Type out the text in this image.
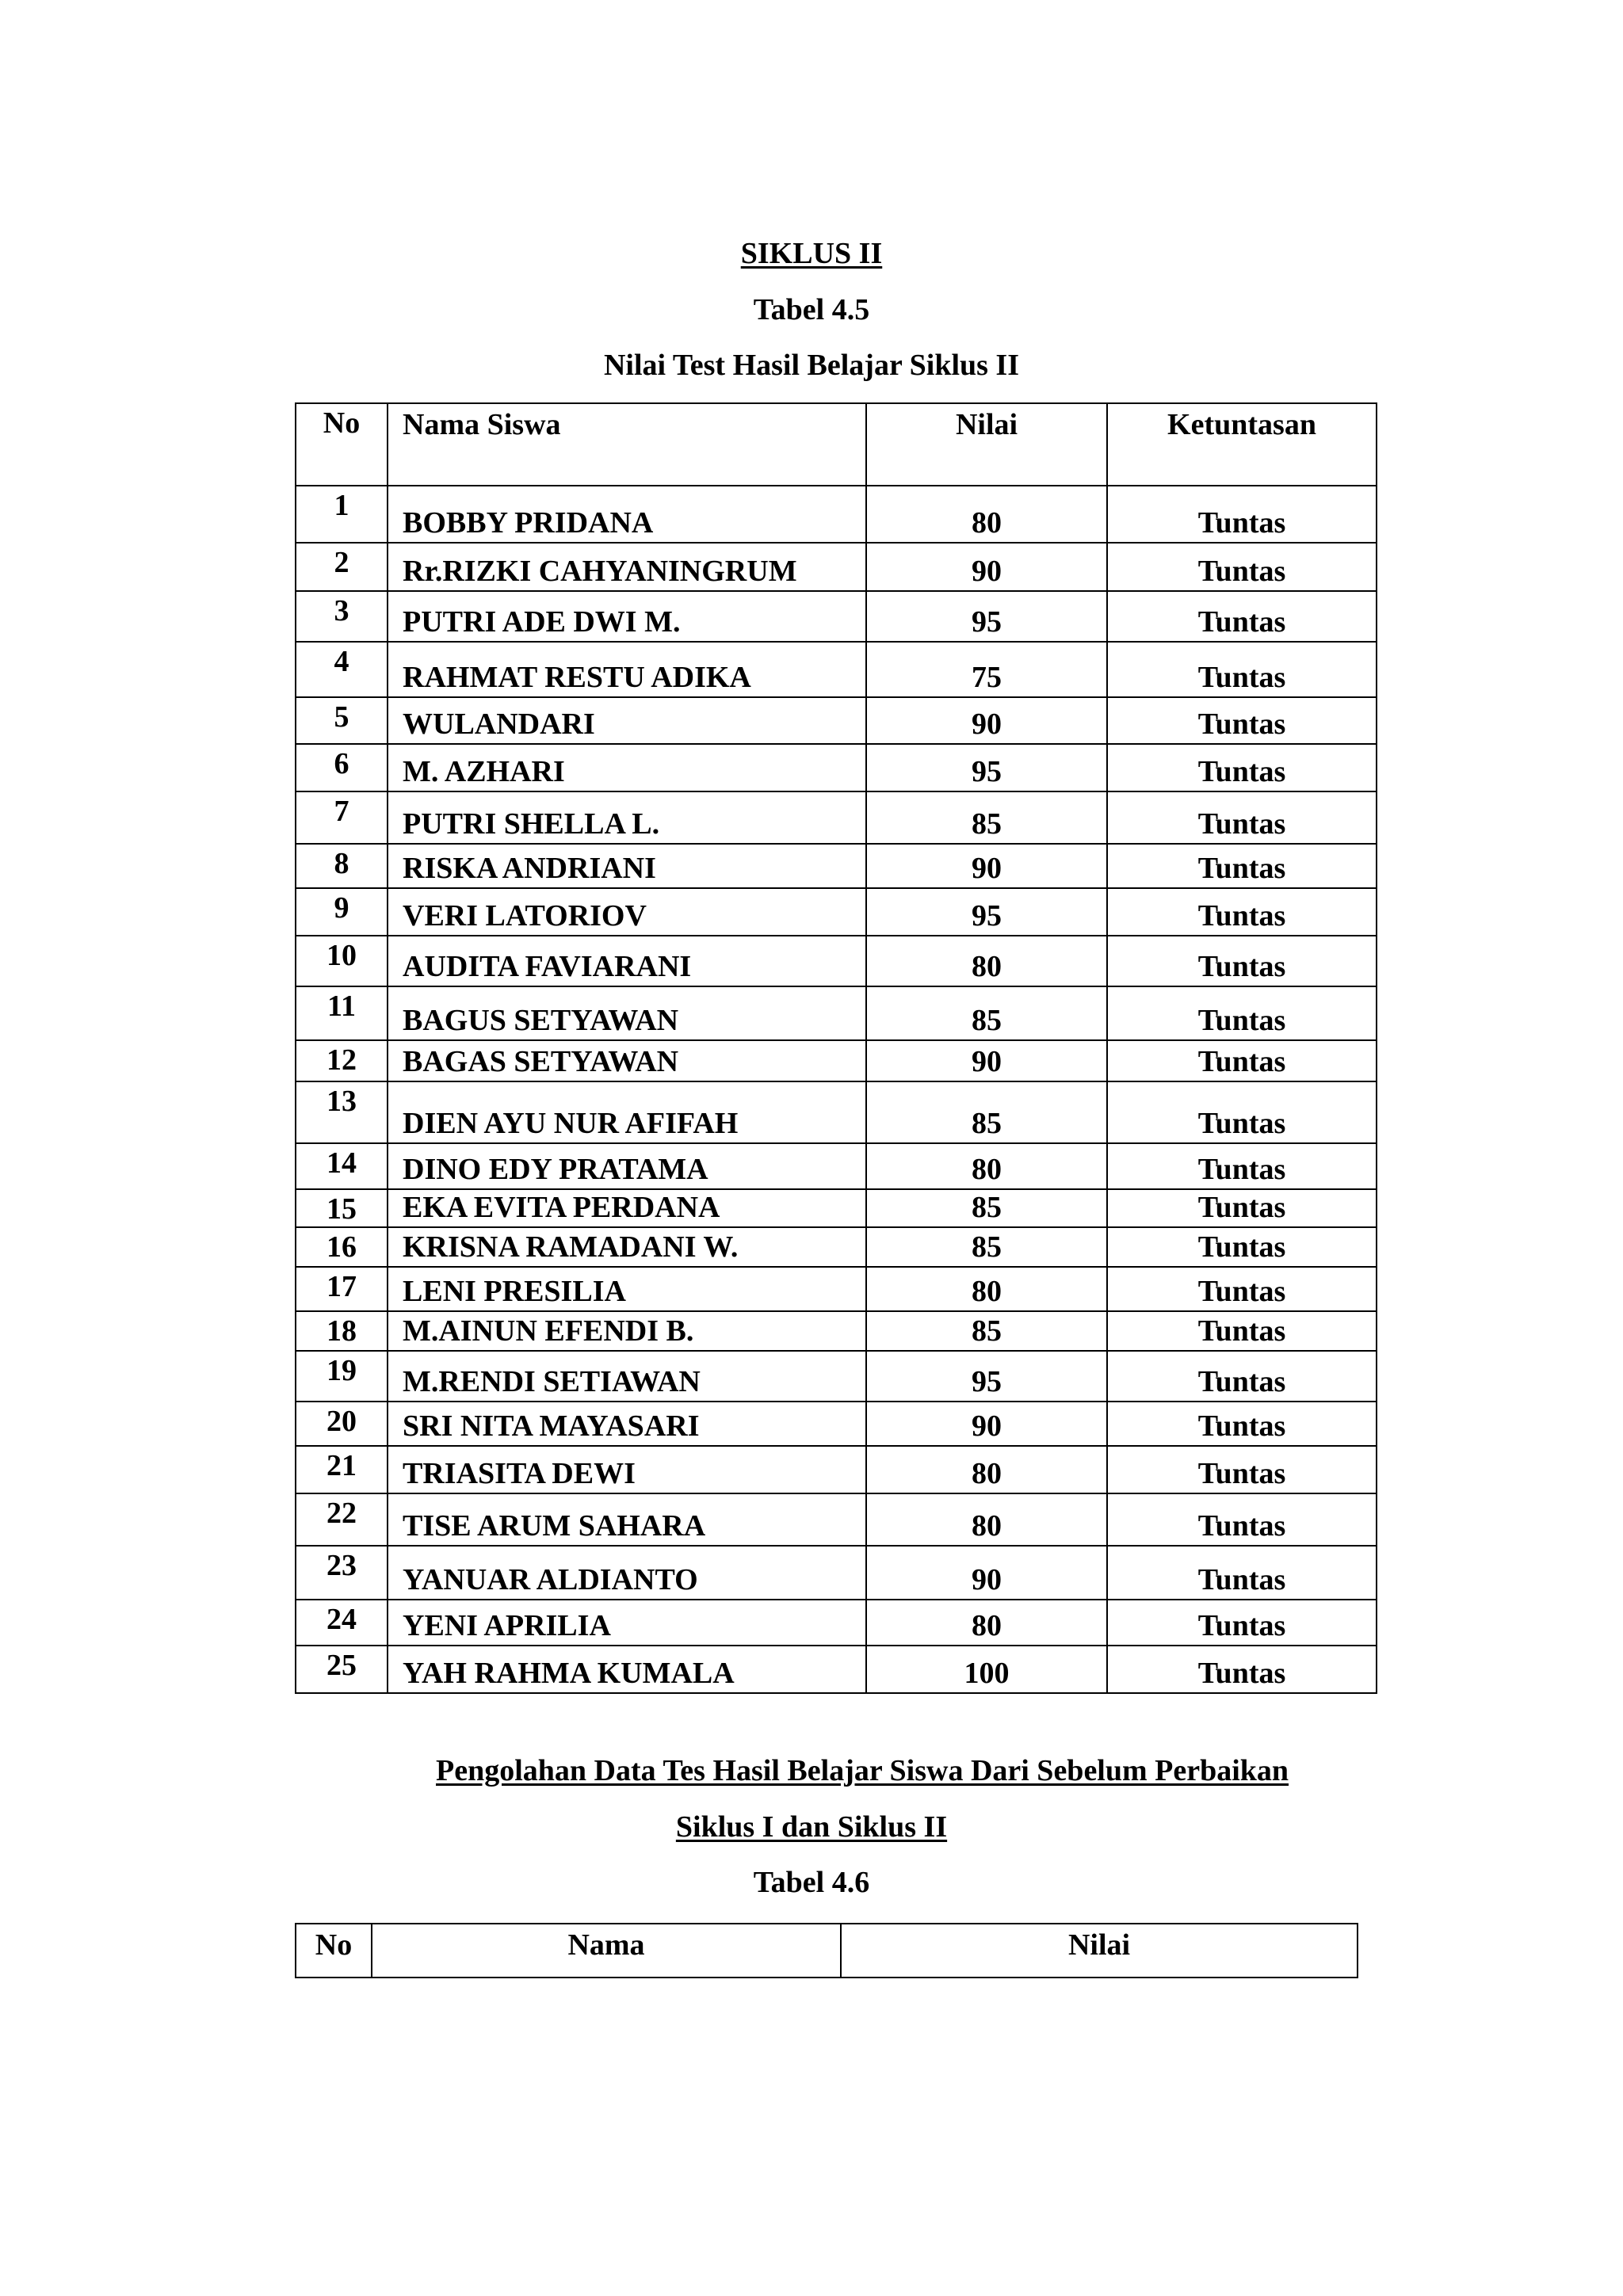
SIKLUS II
Tabel 4.5
Nilai Test Hasil Belajar Siklus II
No	Nama Siswa	Nilai	Ketuntasan
1	BOBBY PRIDANA	80	Tuntas
2	Rr.RIZKI CAHYANINGRUM	90	Tuntas
3	PUTRI ADE DWI M.	95	Tuntas
4	RAHMAT RESTU ADIKA	75	Tuntas
5	WULANDARI	90	Tuntas
6	M. AZHARI	95	Tuntas
7	PUTRI SHELLA L.	85	Tuntas
8	RISKA ANDRIANI	90	Tuntas
9	VERI LATORIOV	95	Tuntas
10	AUDITA FAVIARANI	80	Tuntas
11	BAGUS SETYAWAN	85	Tuntas
12	BAGAS SETYAWAN	90	Tuntas
13	DIEN AYU NUR AFIFAH	85	Tuntas
14	DINO EDY PRATAMA	80	Tuntas
15	EKA EVITA PERDANA	85	Tuntas
16	KRISNA RAMADANI W.	85	Tuntas
17	LENI PRESILIA	80	Tuntas
18	M.AINUN EFENDI B.	85	Tuntas
19	M.RENDI SETIAWAN	95	Tuntas
20	SRI NITA MAYASARI	90	Tuntas
21	TRIASITA DEWI	80	Tuntas
22	TISE ARUM SAHARA	80	Tuntas
23	YANUAR ALDIANTO	90	Tuntas
24	YENI APRILIA	80	Tuntas
25	YAH RAHMA KUMALA	100	Tuntas
Pengolahan Data Tes Hasil Belajar Siswa Dari Sebelum Perbaikan
Siklus I dan Siklus II
Tabel 4.6
No	Nama	Nilai
